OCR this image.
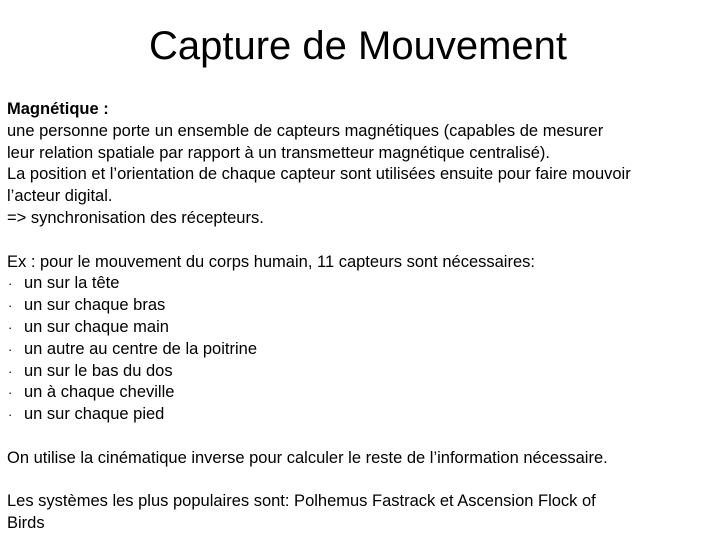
Capture de Mouvement

Magnétique :

une personne porte un ensemble de capteurs magnétiques (capables de mesurer

leur relation spatiale par rapport à un transmetteur magnétique centralisé).

La position et l’orientation de chaque capteur sont utilisées ensuite pour faire mouvoir

l’acteur digital.

=> synchronisation des récepteurs.

Ex : pour le mouvement du corps humain, 11 capteurs sont nécessaires:

· un sur la tête
· un sur chaque bras
· un sur chaque main
· un autre au centre de la poitrine
· un sur le bas du dos
· un à chaque cheville
· un sur chaque pied

On utilise la cinématique inverse pour calculer le reste de l’information nécessaire.

Les systèmes les plus populaires sont: Polhemus Fastrack et Ascension Flock of

Birds
